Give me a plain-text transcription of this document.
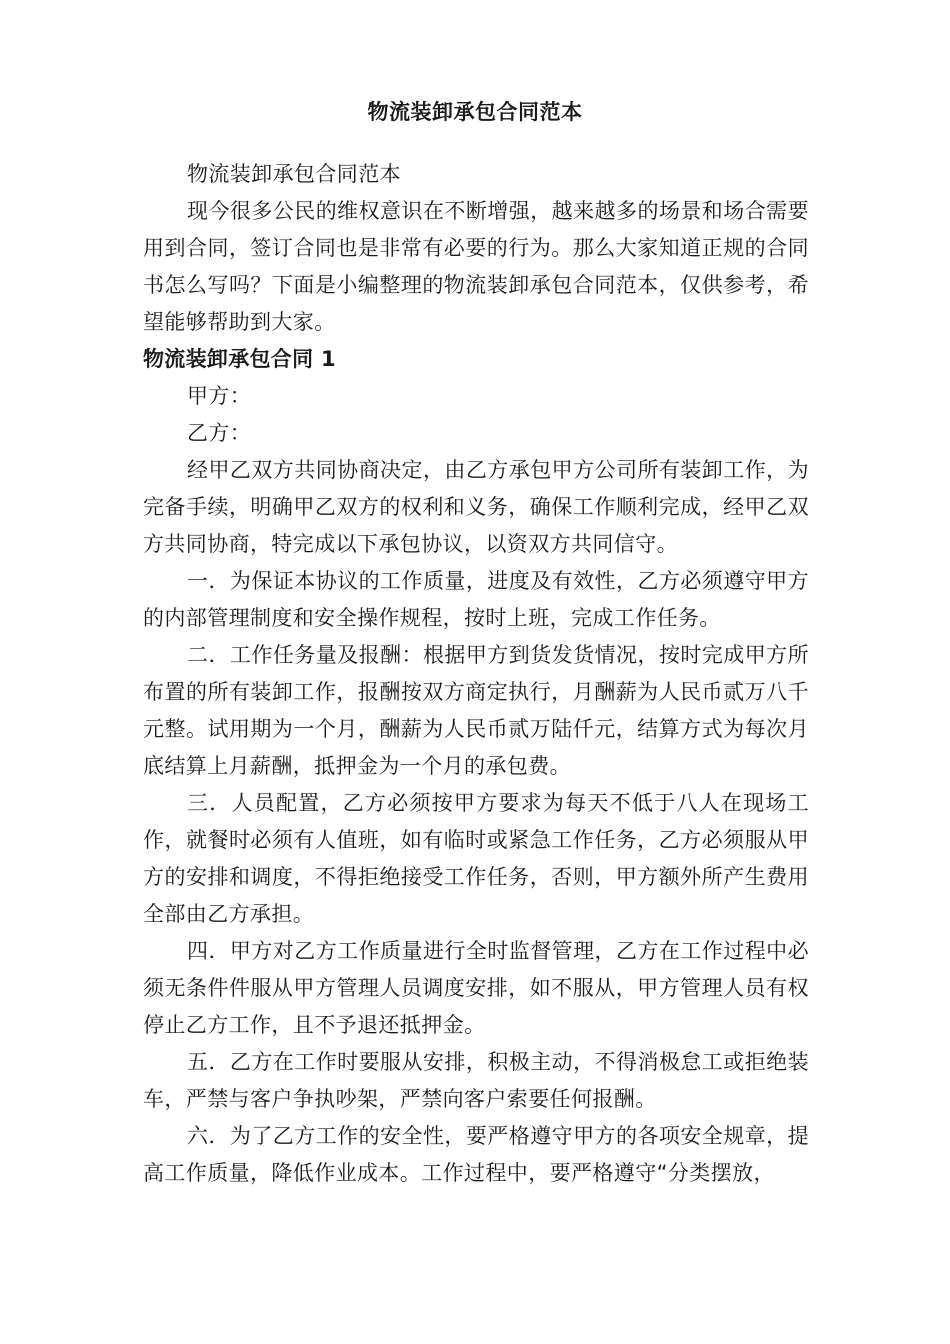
物流装卸承包合同范本

物流装卸承包合同范本

现今很多公民的维权意识在不断增强，越来越多的场景和场合需要用到合同，签订合同也是非常有必要的行为。那么大家知道正规的合同书怎么写吗？下面是小编整理的物流装卸承包合同范本，仅供参考，希望能够帮助到大家。

物流装卸承包合同 1

甲方：

乙方：

经甲乙双方共同协商决定，由乙方承包甲方公司所有装卸工作，为完备手续，明确甲乙双方的权利和义务，确保工作顺利完成，经甲乙双方共同协商，特完成以下承包协议，以资双方共同信守。

一．为保证本协议的工作质量，进度及有效性，乙方必须遵守甲方的内部管理制度和安全操作规程，按时上班，完成工作任务。

二．工作任务量及报酬：根据甲方到货发货情况，按时完成甲方所布置的所有装卸工作，报酬按双方商定执行，月酬薪为人民币贰万八千元整。试用期为一个月，酬薪为人民币贰万陆仟元，结算方式为每次月底结算上月薪酬，抵押金为一个月的承包费。

三．人员配置，乙方必须按甲方要求为每天不低于八人在现场工作，就餐时必须有人值班，如有临时或紧急工作任务，乙方必须服从甲方的安排和调度，不得拒绝接受工作任务，否则，甲方额外所产生费用全部由乙方承担。

四．甲方对乙方工作质量进行全时监督管理，乙方在工作过程中必须无条件件服从甲方管理人员调度安排，如不服从，甲方管理人员有权停止乙方工作，且不予退还抵押金。

五．乙方在工作时要服从安排，积极主动，不得消极怠工或拒绝装车，严禁与客户争执吵架，严禁向客户索要任何报酬。

六．为了乙方工作的安全性，要严格遵守甲方的各项安全规章，提高工作质量，降低作业成本。工作过程中，要严格遵守“分类摆放，
